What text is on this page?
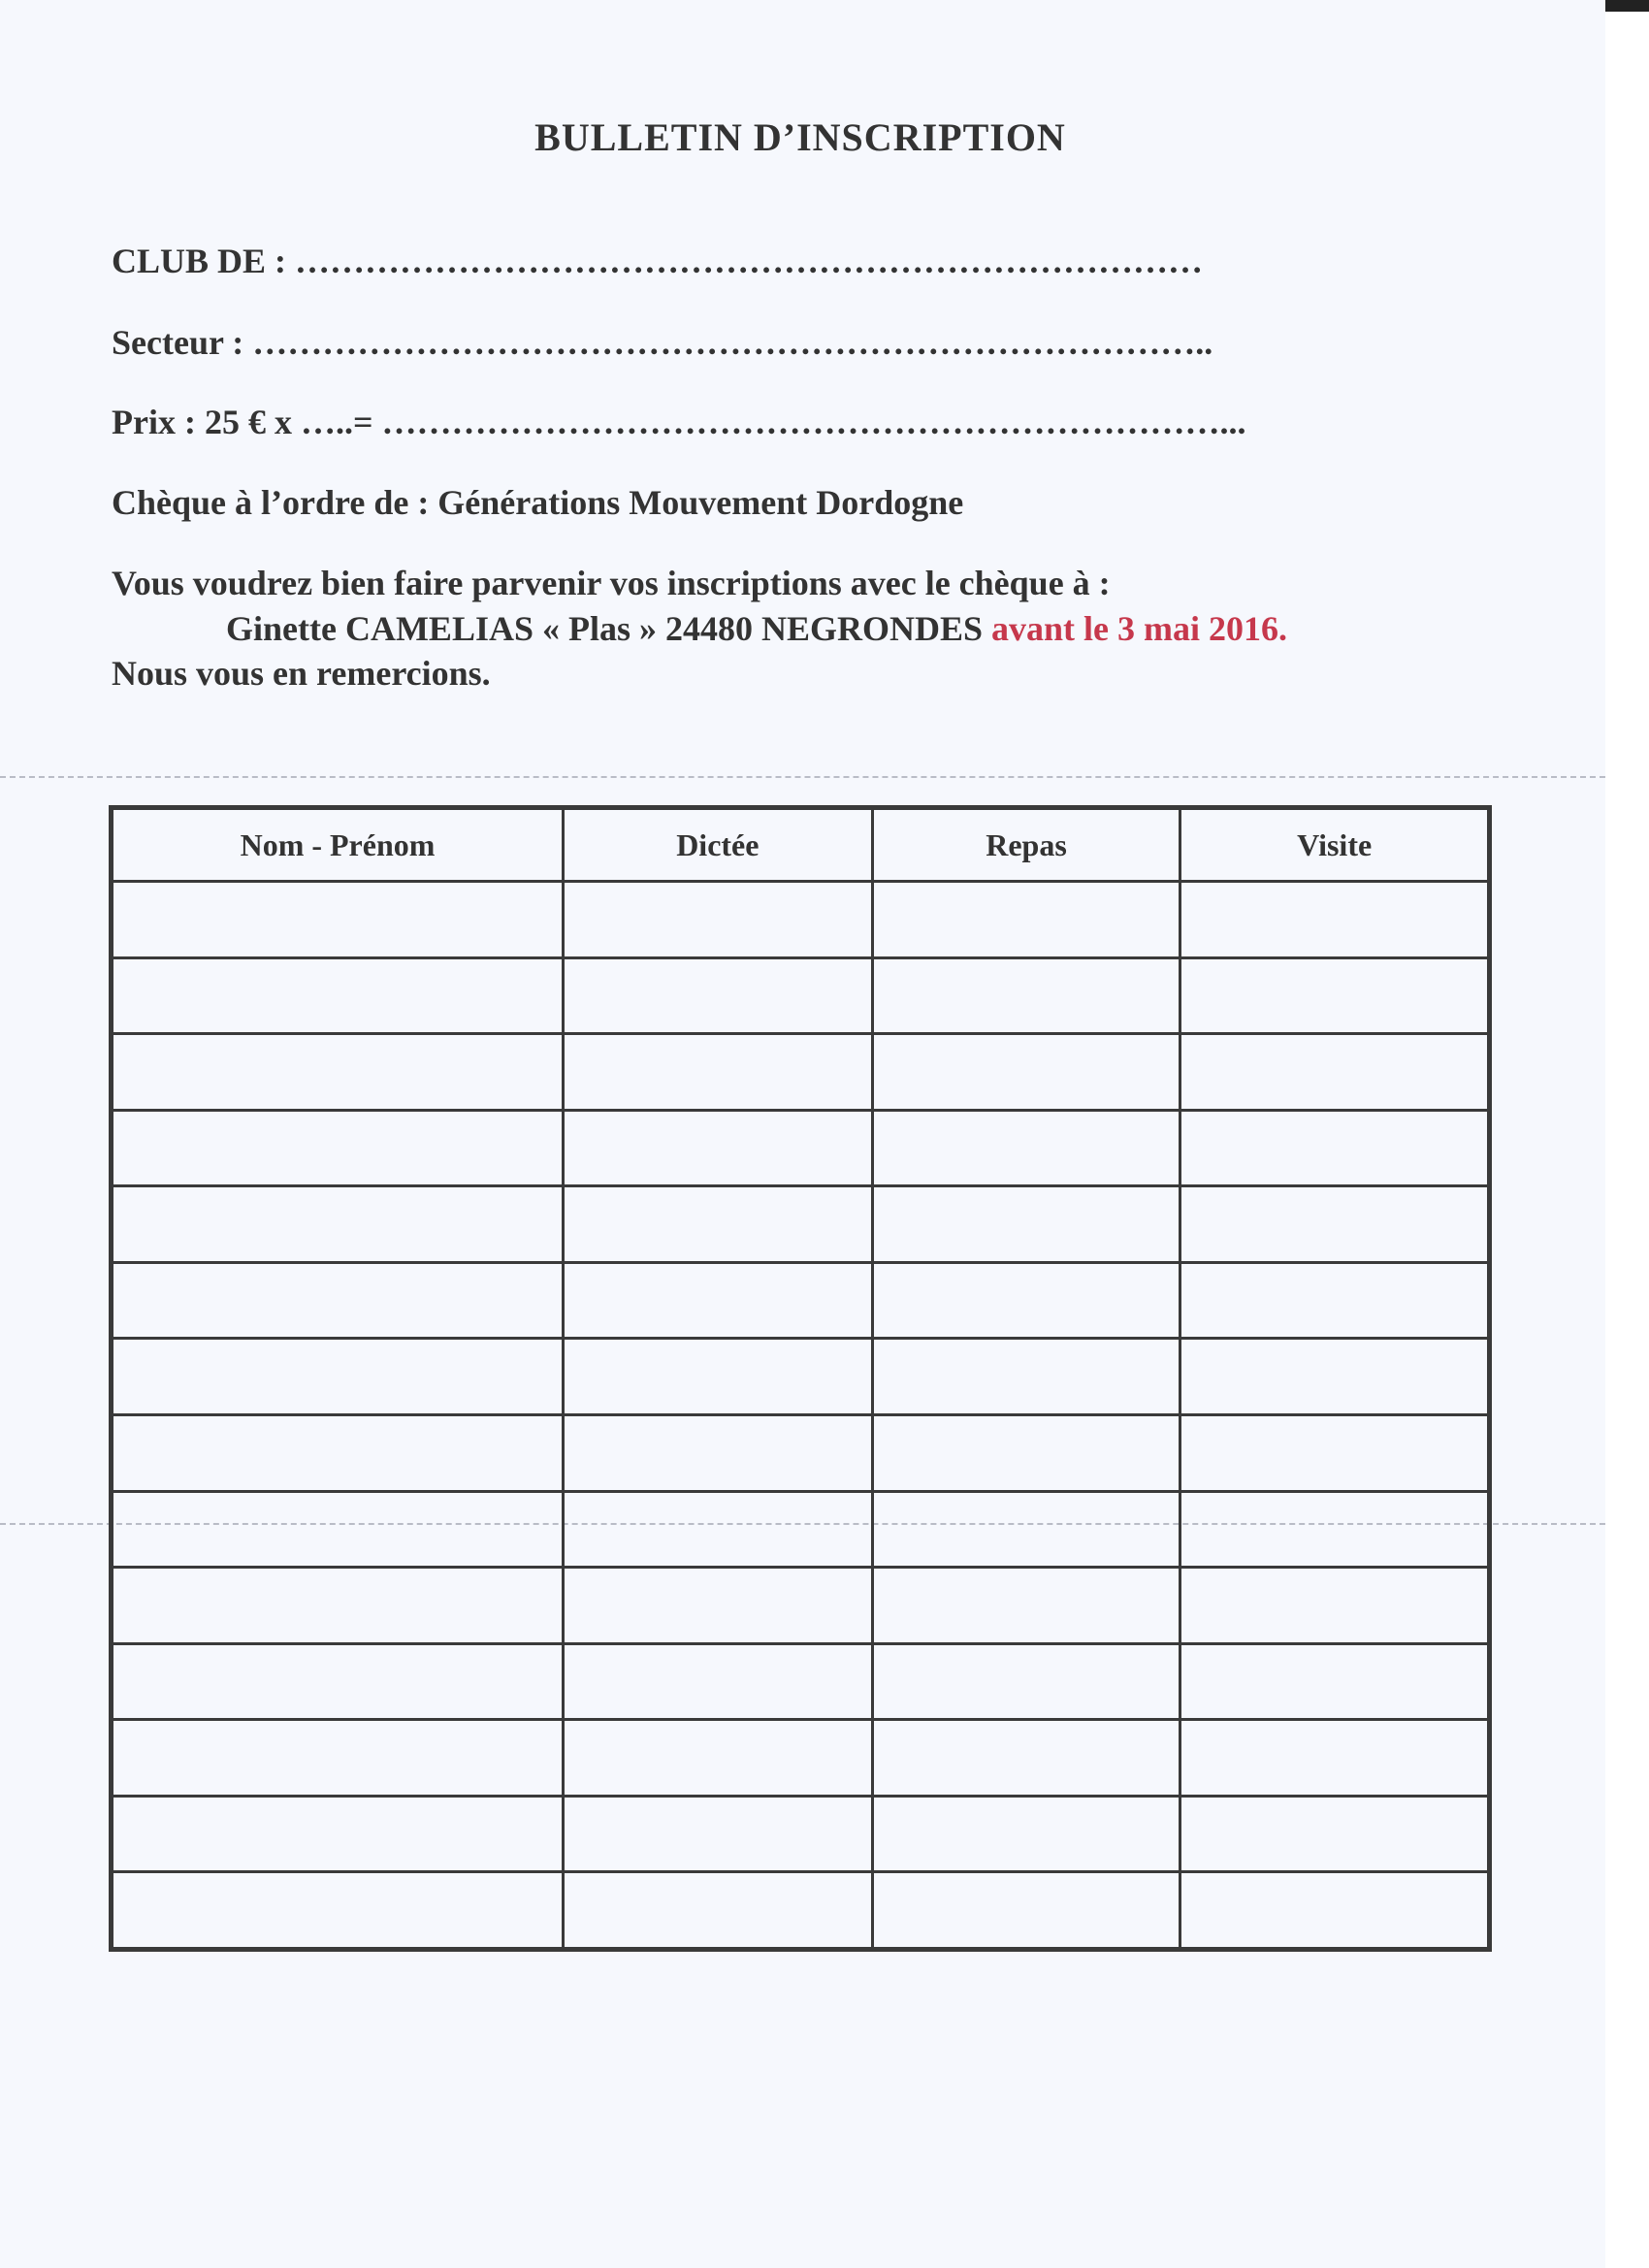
BULLETIN D’INSCRIPTION
CLUB DE : ……………………………………………………………………
Secteur : ………………………………………………………………………..
Prix : 25 € x …..= ………………………………………………………………...
Chèque à l’ordre de : Générations Mouvement Dordogne
Vous voudrez bien faire parvenir vos inscriptions avec le chèque à :
Ginette CAMELIAS « Plas » 24480 NEGRONDES avant le 3 mai 2016.
Nous vous en remercions.
Nom - Prénom	Dictée	Repas	Visite
